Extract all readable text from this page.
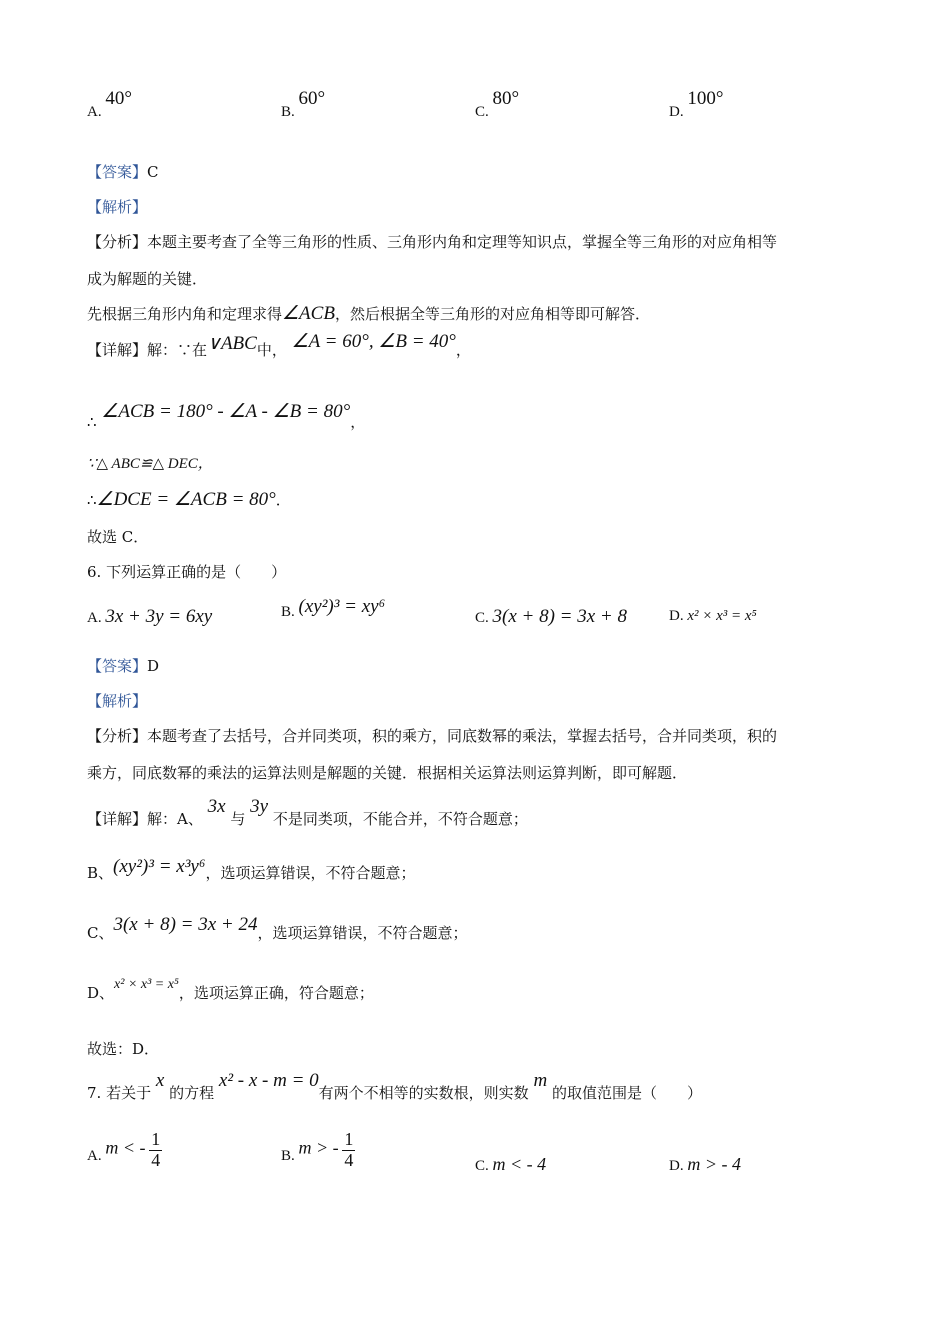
A. 40°
B. 60°
C. 80°
D. 100°
【答案】C
【解析】
【分析】本题主要考查了全等三角形的性质、三角形内角和定理等知识点，掌握全等三角形的对应角相等
成为解题的关键．
先根据三角形内角和定理求得∠ACB，然后根据全等三角形的对应角相等即可解答．
【详解】解：∵在∨ABC中， ∠A = 60°, ∠B = 40°，
∴ ∠ACB = 180° - ∠A - ∠B = 80°，
∵△ ABC≌△ DEC，
∴∠DCE = ∠ACB = 80°．
故选 C．
6. 下列运算正确的是（　　）
A. 3x + 3y = 6xy	B. (xy²)³ = xy⁶
C. 3(x + 8) = 3x + 8	D. x² × x³ = x⁵
【答案】D
【解析】
【分析】本题考查了去括号，合并同类项，积的乘方，同底数幂的乘法，掌握去括号，合并同类项，积的
乘方，同底数幂的乘法的运算法则是解题的关键．根据相关运算法则运算判断，即可解题．
【详解】解：A、 3x 与 3y 不是同类项，不能合并，不符合题意；
B、(xy²)³ = x³y⁶，选项运算错误，不符合题意；
C、3(x + 8) = 3x + 24，选项运算错误，不符合题意；
D、x² × x³ = x⁵，选项运算正确，符合题意；
故选：D．
7. 若关于 x 的方程 x² - x - m = 0有两个不相等的实数根，则实数 m 的取值范围是（　　）
A. m < - $\frac{1}{4}$	B. m > - $\frac{1}{4}$	C. m < - 4	D. m > - 4
